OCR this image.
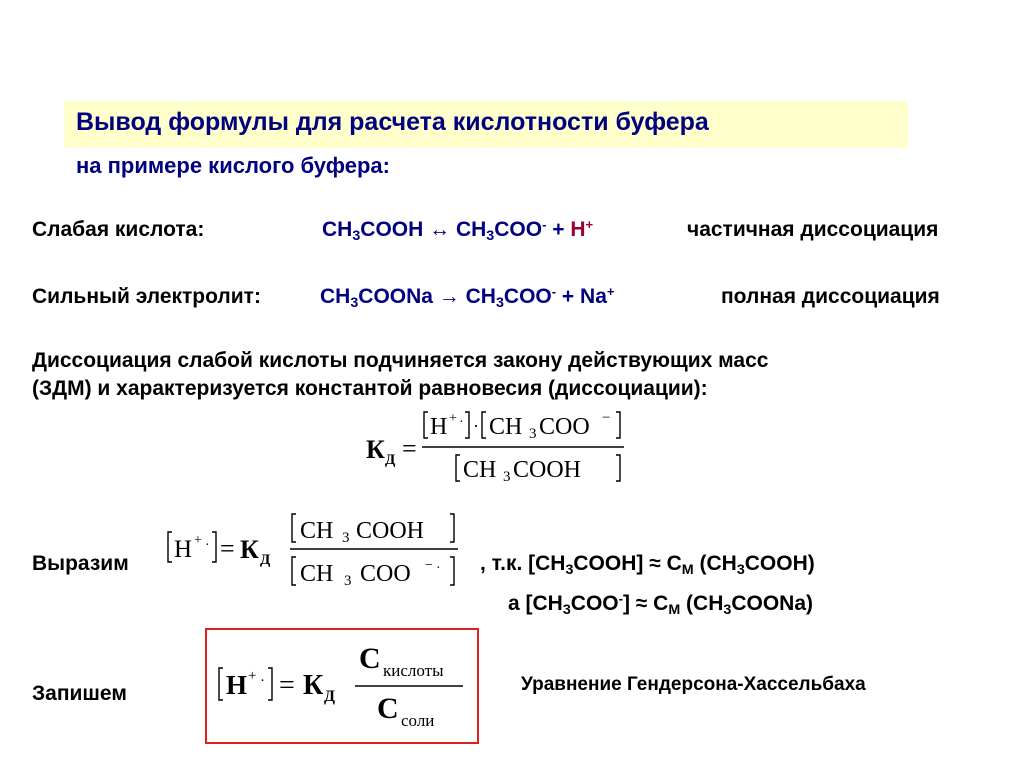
Вывод формулы для расчета кислотности буфера
на примере кислого буфера:
Слабая кислота:	$CH_3COOH$ ↔ $CH_3COO^- + H^+$	частичная диссоциация
Сильный электролит:	$CH_3COONa \to CH_3COO^- + Na^+$	полная диссоциация
Диссоциация слабой кислоты подчиняется закону действующих масс
(ЗДМ) и характеризуется константой равновесия (диссоциации):
К Д =
H + · · CH 3 COO −
CH 3 COOH
Выразим
H + · = К Д
CH 3 COOH
CH 3 COO − · , т.к. $[CH_3COOH] \approx C_M$ $(CH_3COOH)$
а $[CH_3COO^-] \approx C_M$ $(CH_3COONa)$
Запишем	H + · = К Д
C кислоты
C соли
Уравнение Гендерсона-Хассельбаха
